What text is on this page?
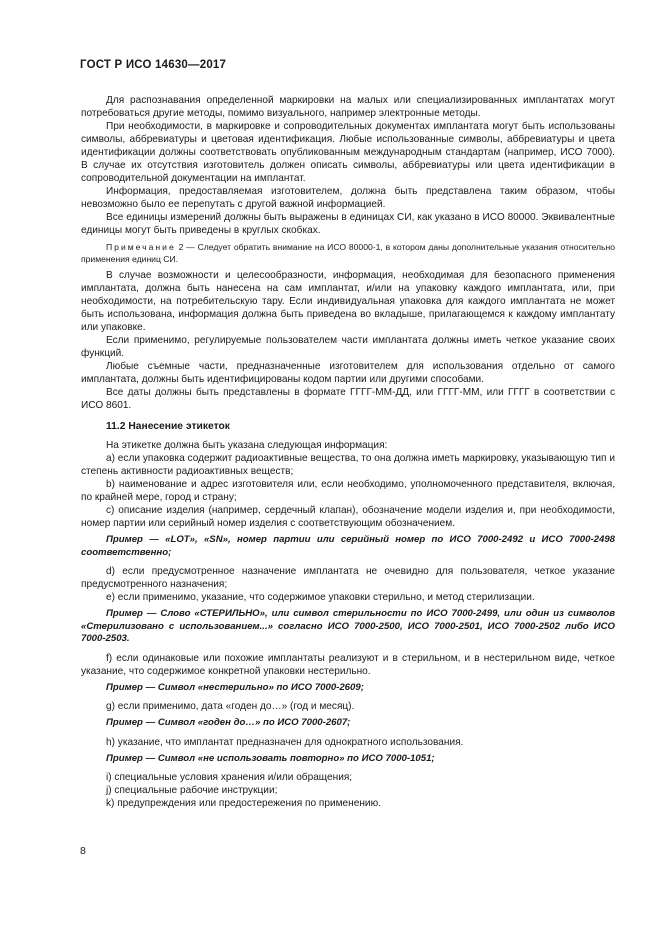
ГОСТ Р ИСО 14630—2017

Для распознавания определенной маркировки на малых или специализированных имплантатах могут потребоваться другие методы, помимо визуального, например электронные методы.

При необходимости, в маркировке и сопроводительных документах имплантата могут быть использованы символы, аббревиатуры и цветовая идентификация. Любые использованные символы, аббревиатуры и цвета идентификации должны соответствовать опубликованным международным стандартам (например, ИСО 7000). В случае их отсутствия изготовитель должен описать символы, аббревиатуры или цвета идентификации в сопроводительной документации на имплантат.

Информация, предоставляемая изготовителем, должна быть представлена таким образом, чтобы невозможно было ее перепутать с другой важной информацией.

Все единицы измерений должны быть выражены в единицах СИ, как указано в ИСО 80000. Эквивалентные единицы могут быть приведены в круглых скобках.

Примечание 2 — Следует обратить внимание на ИСО 80000-1, в котором даны дополнительные указания относительно применения единиц СИ.

В случае возможности и целесообразности, информация, необходимая для безопасного применения имплантата, должна быть нанесена на сам имплантат, и/или на упаковку каждого имплантата, или, при необходимости, на потребительскую тару. Если индивидуальная упаковка для каждого имплантата не может быть использована, информация должна быть приведена во вкладыше, прилагающемся к каждому имплантату или упаковке.

Если применимо, регулируемые пользователем части имплантата должны иметь четкое указание своих функций.

Любые съемные части, предназначенные изготовителем для использования отдельно от самого имплантата, должны быть идентифицированы кодом партии или другими способами.

Все даты должны быть представлены в формате ГГГГ-ММ-ДД, или ГГГГ-ММ, или ГГГГ в соответствии с ИСО 8601.

11.2 Нанесение этикеток

На этикетке должна быть указана следующая информация:

а) если упаковка содержит радиоактивные вещества, то она должна иметь маркировку, указывающую тип и степень активности радиоактивных веществ;

b) наименование и адрес изготовителя или, если необходимо, уполномоченного представителя, включая, по крайней мере, город и страну;

с) описание изделия (например, сердечный клапан), обозначение модели изделия и, при необходимости, номер партии или серийный номер изделия с соответствующим обозначением.

Пример — «LOT», «SN», номер партии или серийный номер по ИСО 7000-2492 и ИСО 7000-2498 соответственно;

d) если предусмотренное назначение имплантата не очевидно для пользователя, четкое указание предусмотренного назначения;

е) если применимо, указание, что содержимое упаковки стерильно, и метод стерилизации.

Пример — Слово «СТЕРИЛЬНО», или символ стерильности по ИСО 7000-2499, или один из символов «Стерилизовано с использованием...» согласно ИСО 7000-2500, ИСО 7000-2501, ИСО 7000-2502 либо ИСО 7000-2503.

f) если одинаковые или похожие имплантаты реализуют и в стерильном, и в нестерильном виде, четкое указание, что содержимое конкретной упаковки нестерильно.

Пример — Символ «нестерильно» по ИСО 7000-2609;

g) если применимо, дата «годен до…» (год и месяц).

Пример — Символ «годен до…» по ИСО 7000-2607;

h) указание, что имплантат предназначен для однократного использования.

Пример — Символ «не использовать повторно» по ИСО 7000-1051;

i) специальные условия хранения и/или обращения;

j) специальные рабочие инструкции;

k) предупреждения или предостережения по применению.

8
